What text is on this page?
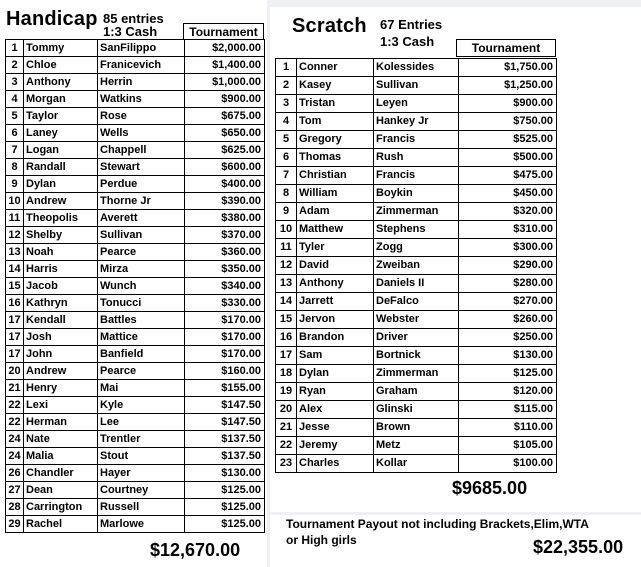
Handicap 85 entries
1:3 Cash	Tournament
1	Tommy	SanFilippo	$2,000.00
2	Chloe	Franicevich	$1,400.00
3	Anthony	Herrin	$1,000.00
4	Morgan	Watkins	$900.00
5	Taylor	Rose	$675.00
6	Laney	Wells	$650.00
7	Logan	Chappell	$625.00
8	Randall	Stewart	$600.00
9	Dylan	Perdue	$400.00
10	Andrew	Thorne Jr	$390.00
11	Theopolis	Averett	$380.00
12	Shelby	Sullivan	$370.00
13	Noah	Pearce	$360.00
14	Harris	Mirza	$350.00
15	Jacob	Wunch	$340.00
16	Kathryn	Tonucci	$330.00
17	Kendall	Battles	$170.00
17	Josh	Mattice	$170.00
17	John	Banfield	$170.00
20	Andrew	Pearce	$160.00
21	Henry	Mai	$155.00
22	Lexi	Kyle	$147.50
22	Herman	Lee	$147.50
24	Nate	Trentler	$137.50
24	Malia	Stout	$137.50
26	Chandler	Hayer	$130.00
27	Dean	Courtney	$125.00
28	Carrington	Russell	$125.00
29	Rachel	Marlowe	$125.00
$12,670.00
Scratch 67 Entries
1:3 Cash	Tournament
1	Conner	Kolessides	$1,750.00
2	Kasey	Sullivan	$1,250.00
3	Tristan	Leyen	$900.00
4	Tom	Hankey Jr	$750.00
5	Gregory	Francis	$525.00
6	Thomas	Rush	$500.00
7	Christian	Francis	$475.00
8	William	Boykin	$450.00
9	Adam	Zimmerman	$320.00
10	Matthew	Stephens	$310.00
11	Tyler	Zogg	$300.00
12	David	Zweiban	$290.00
13	Anthony	Daniels II	$280.00
14	Jarrett	DeFalco	$270.00
15	Jervon	Webster	$260.00
16	Brandon	Driver	$250.00
17	Sam	Bortnick	$130.00
18	Dylan	Zimmerman	$125.00
19	Ryan	Graham	$120.00
20	Alex	Glinski	$115.00
21	Jesse	Brown	$110.00
22	Jeremy	Metz	$105.00
23	Charles	Kollar	$100.00
$9685.00
Tournament Payout not including Brackets,Elim,WTA
or High girls	$22,355.00
